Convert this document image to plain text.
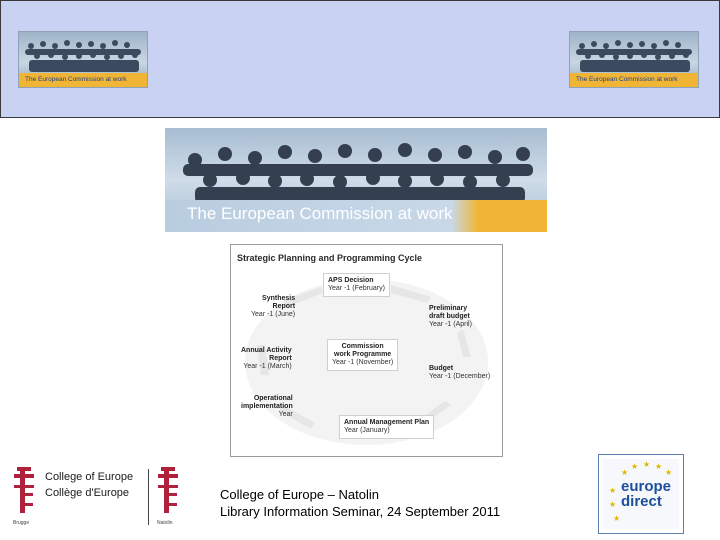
The European Commission at work	The European Commission at work
The European Commission at work
Strategic Planning and Programming Cycle
APS Decision
Year -1 (February)
Synthesis
Report
Year -1 (June)
Preliminary
draft budget
Year -1 (April)
Annual Activity
Report
Year -1 (March)
Commission
work Programme
Year -1 (November)
Budget
Year -1 (December)
Operational
implementation
Year
Annual Management Plan
Year (January)
Brugge
College of Europe
Collège d'Europe
Natolin
College of Europe – Natolin
Library Information Seminar, 24 September 2011
★ ★ ★
★	★
★
★
★
europe
direct
